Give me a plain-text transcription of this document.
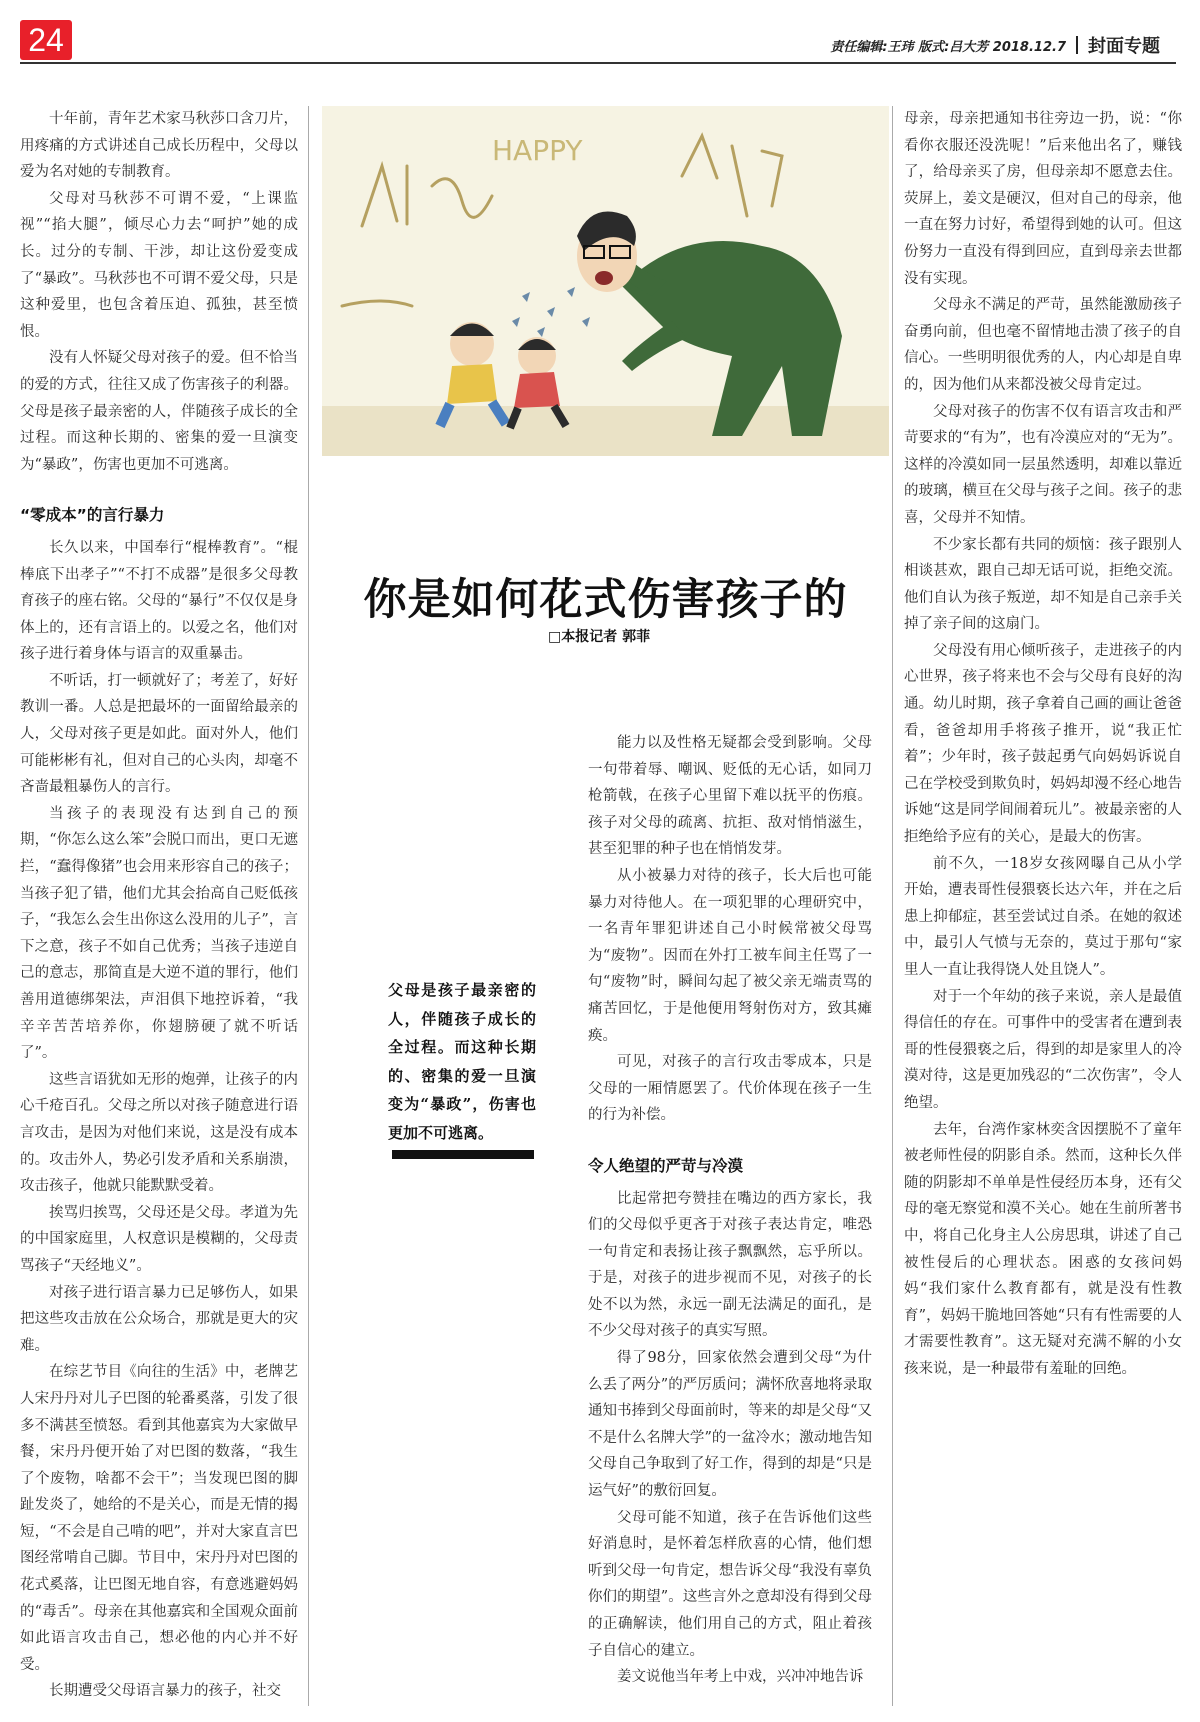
24	责任编辑:王玮 版式:吕大芳 2018.12.7 封面专题

十年前，青年艺术家马秋莎口含刀片，用疼痛的方式讲述自己成长历程中，父母以爱为名对她的专制教育。

父母对马秋莎不可谓不爱，“上课监视”“掐大腿”，倾尽心力去“呵护”她的成长。过分的专制、干涉，却让这份爱变成了“暴政”。马秋莎也不可谓不爱父母，只是这种爱里，也包含着压迫、孤独，甚至愤恨。

没有人怀疑父母对孩子的爱。但不恰当的爱的方式，往往又成了伤害孩子的利器。父母是孩子最亲密的人，伴随孩子成长的全过程。而这种长期的、密集的爱一旦演变为“暴政”，伤害也更加不可逃离。

“零成本”的言行暴力

长久以来，中国奉行“棍棒教育”。“棍棒底下出孝子”“不打不成器”是很多父母教育孩子的座右铭。父母的“暴行”不仅仅是身体上的，还有言语上的。以爱之名，他们对孩子进行着身体与语言的双重暴击。

不听话，打一顿就好了；考差了，好好教训一番。人总是把最坏的一面留给最亲的人，父母对孩子更是如此。面对外人，他们可能彬彬有礼，但对自己的心头肉，却毫不吝啬最粗暴伤人的言行。

当孩子的表现没有达到自己的预期，“你怎么这么笨”会脱口而出，更口无遮拦，“蠢得像猪”也会用来形容自己的孩子；当孩子犯了错，他们尤其会抬高自己贬低孩子，“我怎么会生出你这么没用的儿子”，言下之意，孩子不如自己优秀；当孩子违逆自己的意志，那简直是大逆不道的罪行，他们善用道德绑架法，声泪俱下地控诉着，“我辛辛苦苦培养你，你翅膀硬了就不听话了”。

这些言语犹如无形的炮弹，让孩子的内心千疮百孔。父母之所以对孩子随意进行语言攻击，是因为对他们来说，这是没有成本的。攻击外人，势必引发矛盾和关系崩溃，攻击孩子，他就只能默默受着。

挨骂归挨骂，父母还是父母。孝道为先的中国家庭里，人权意识是模糊的，父母责骂孩子“天经地义”。

对孩子进行语言暴力已足够伤人，如果把这些攻击放在公众场合，那就是更大的灾难。

在综艺节目《向往的生活》中，老牌艺人宋丹丹对儿子巴图的轮番奚落，引发了很多不满甚至愤怒。看到其他嘉宾为大家做早餐，宋丹丹便开始了对巴图的数落，“我生了个废物，啥都不会干”；当发现巴图的脚趾发炎了，她给的不是关心，而是无情的揭短，“不会是自己啃的吧”，并对大家直言巴图经常啃自己脚。节目中，宋丹丹对巴图的花式奚落，让巴图无地自容，有意逃避妈妈的“毒舌”。母亲在其他嘉宾和全国观众面前如此语言攻击自己，想必他的内心并不好受。

长期遭受父母语言暴力的孩子，社交

HAPPY
你是如何花式伤害孩子的
□本报记者 郭菲
父母是孩子最亲密的人，伴随孩子成长的全过程。而这种长期的、密集的爱一旦演变为“暴政”，伤害也更加不可逃离。

能力以及性格无疑都会受到影响。父母一句带着辱、嘲讽、贬低的无心话，如同刀枪箭戟，在孩子心里留下难以抚平的伤痕。孩子对父母的疏离、抗拒、敌对悄悄滋生，甚至犯罪的种子也在悄悄发芽。

从小被暴力对待的孩子，长大后也可能暴力对待他人。在一项犯罪的心理研究中，一名青年罪犯讲述自己小时候常被父母骂为“废物”。因而在外打工被车间主任骂了一句“废物”时，瞬间勾起了被父亲无端责骂的痛苦回忆，于是他便用弩射伤对方，致其瘫痪。

可见，对孩子的言行攻击零成本，只是父母的一厢情愿罢了。代价体现在孩子一生的行为补偿。

令人绝望的严苛与冷漠

比起常把夸赞挂在嘴边的西方家长，我们的父母似乎更吝于对孩子表达肯定，唯恐一句肯定和表扬让孩子飘飘然，忘乎所以。于是，对孩子的进步视而不见，对孩子的长处不以为然，永远一副无法满足的面孔，是不少父母对孩子的真实写照。

得了98分，回家依然会遭到父母“为什么丢了两分”的严厉质问；满怀欣喜地将录取通知书捧到父母面前时，等来的却是父母“又不是什么名牌大学”的一盆冷水；激动地告知父母自己争取到了好工作，得到的却是“只是运气好”的敷衍回复。

父母可能不知道，孩子在告诉他们这些好消息时，是怀着怎样欣喜的心情，他们想听到父母一句肯定，想告诉父母“我没有辜负你们的期望”。这些言外之意却没有得到父母的正确解读，他们用自己的方式，阻止着孩子自信心的建立。

姜文说他当年考上中戏，兴冲冲地告诉

母亲，母亲把通知书往旁边一扔，说：“你看你衣服还没洗呢！”后来他出名了，赚钱了，给母亲买了房，但母亲却不愿意去住。荧屏上，姜文是硬汉，但对自己的母亲，他一直在努力讨好，希望得到她的认可。但这份努力一直没有得到回应，直到母亲去世都没有实现。

父母永不满足的严苛，虽然能激励孩子奋勇向前，但也毫不留情地击溃了孩子的自信心。一些明明很优秀的人，内心却是自卑的，因为他们从来都没被父母肯定过。

父母对孩子的伤害不仅有语言攻击和严苛要求的“有为”，也有冷漠应对的“无为”。这样的冷漠如同一层虽然透明，却难以靠近的玻璃，横亘在父母与孩子之间。孩子的悲喜，父母并不知情。

不少家长都有共同的烦恼：孩子跟别人相谈甚欢，跟自己却无话可说，拒绝交流。他们自认为孩子叛逆，却不知是自己亲手关掉了亲子间的这扇门。

父母没有用心倾听孩子，走进孩子的内心世界，孩子将来也不会与父母有良好的沟通。幼儿时期，孩子拿着自己画的画让爸爸看，爸爸却用手将孩子推开，说“我正忙着”；少年时，孩子鼓起勇气向妈妈诉说自己在学校受到欺负时，妈妈却漫不经心地告诉她“这是同学间闹着玩儿”。被最亲密的人拒绝给予应有的关心，是最大的伤害。

前不久，一18岁女孩网曝自己从小学开始，遭表哥性侵猥亵长达六年，并在之后患上抑郁症，甚至尝试过自杀。在她的叙述中，最引人气愤与无奈的，莫过于那句“家里人一直让我得饶人处且饶人”。

对于一个年幼的孩子来说，亲人是最值得信任的存在。可事件中的受害者在遭到表哥的性侵猥亵之后，得到的却是家里人的冷漠对待，这是更加残忍的“二次伤害”，令人绝望。

去年，台湾作家林奕含因摆脱不了童年被老师性侵的阴影自杀。然而，这种长久伴随的阴影却不单单是性侵经历本身，还有父母的毫无察觉和漠不关心。她在生前所著书中，将自己化身主人公房思琪，讲述了自己被性侵后的心理状态。困惑的女孩问妈妈“我们家什么教育都有，就是没有性教育”，妈妈干脆地回答她“只有有性需要的人才需要性教育”。这无疑对充满不解的小女孩来说，是一种最带有羞耻的回绝。
